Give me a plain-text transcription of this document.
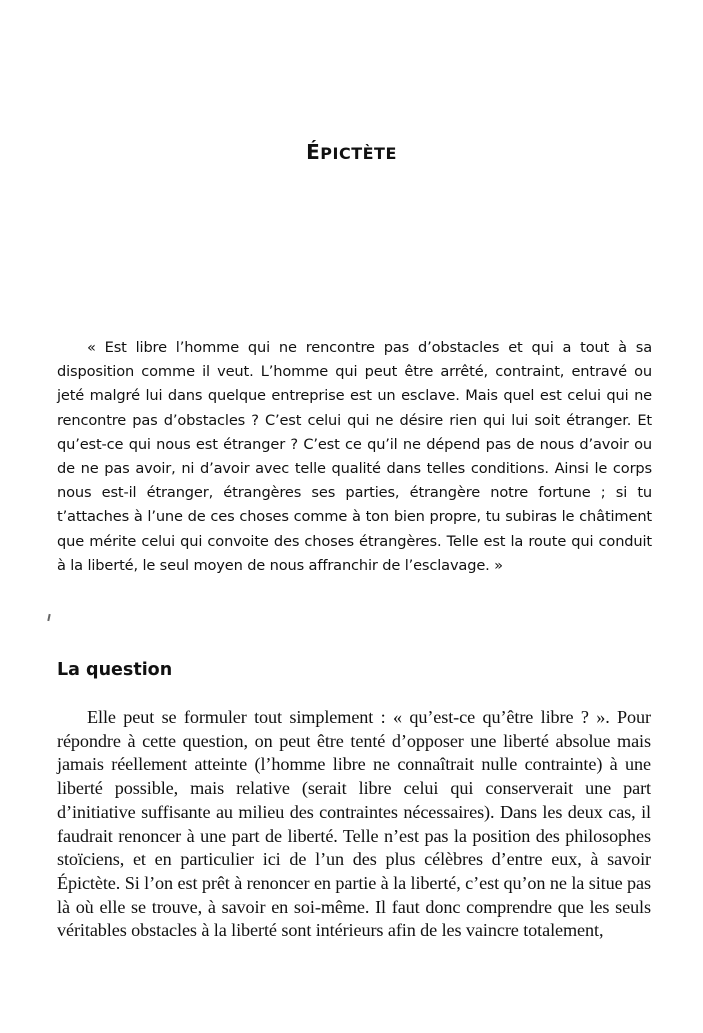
ÉPICTÈTE

« Est libre l’homme qui ne rencontre pas d’obstacles et qui a tout à sa disposition comme il veut. L’homme qui peut être arrêté, contraint, entravé ou jeté malgré lui dans quelque entreprise est un esclave. Mais quel est celui qui ne rencontre pas d’obstacles ? C’est celui qui ne désire rien qui lui soit étranger. Et qu’est-ce qui nous est étranger ? C’est ce qu’il ne dépend pas de nous d’avoir ou de ne pas avoir, ni d’avoir avec telle qualité dans telles conditions. Ainsi le corps nous est-il étranger, étrangères ses parties, étrangère notre fortune ; si tu t’attaches à l’une de ces choses comme à ton bien propre, tu subiras le châtiment que mérite celui qui convoite des choses étrangères. Telle est la route qui conduit à la liberté, le seul moyen de nous affranchir de l’esclavage. »

La question

Elle peut se formuler tout simplement : « qu’est-ce qu’être libre ? ». Pour répondre à cette question, on peut être tenté d’opposer une liberté absolue mais jamais réellement atteinte (l’homme libre ne connaîtrait nulle contrainte) à une liberté possible, mais relative (serait libre celui qui conserverait une part d’initiative suffisante au milieu des contraintes nécessaires). Dans les deux cas, il faudrait renoncer à une part de liberté. Telle n’est pas la position des philosophes stoïciens, et en particulier ici de l’un des plus célèbres d’entre eux, à savoir Épictète. Si l’on est prêt à renoncer en partie à la liberté, c’est qu’on ne la situe pas là où elle se trouve, à savoir en soi-même. Il faut donc comprendre que les seuls véritables obstacles à la liberté sont intérieurs afin de les vaincre totalement,
